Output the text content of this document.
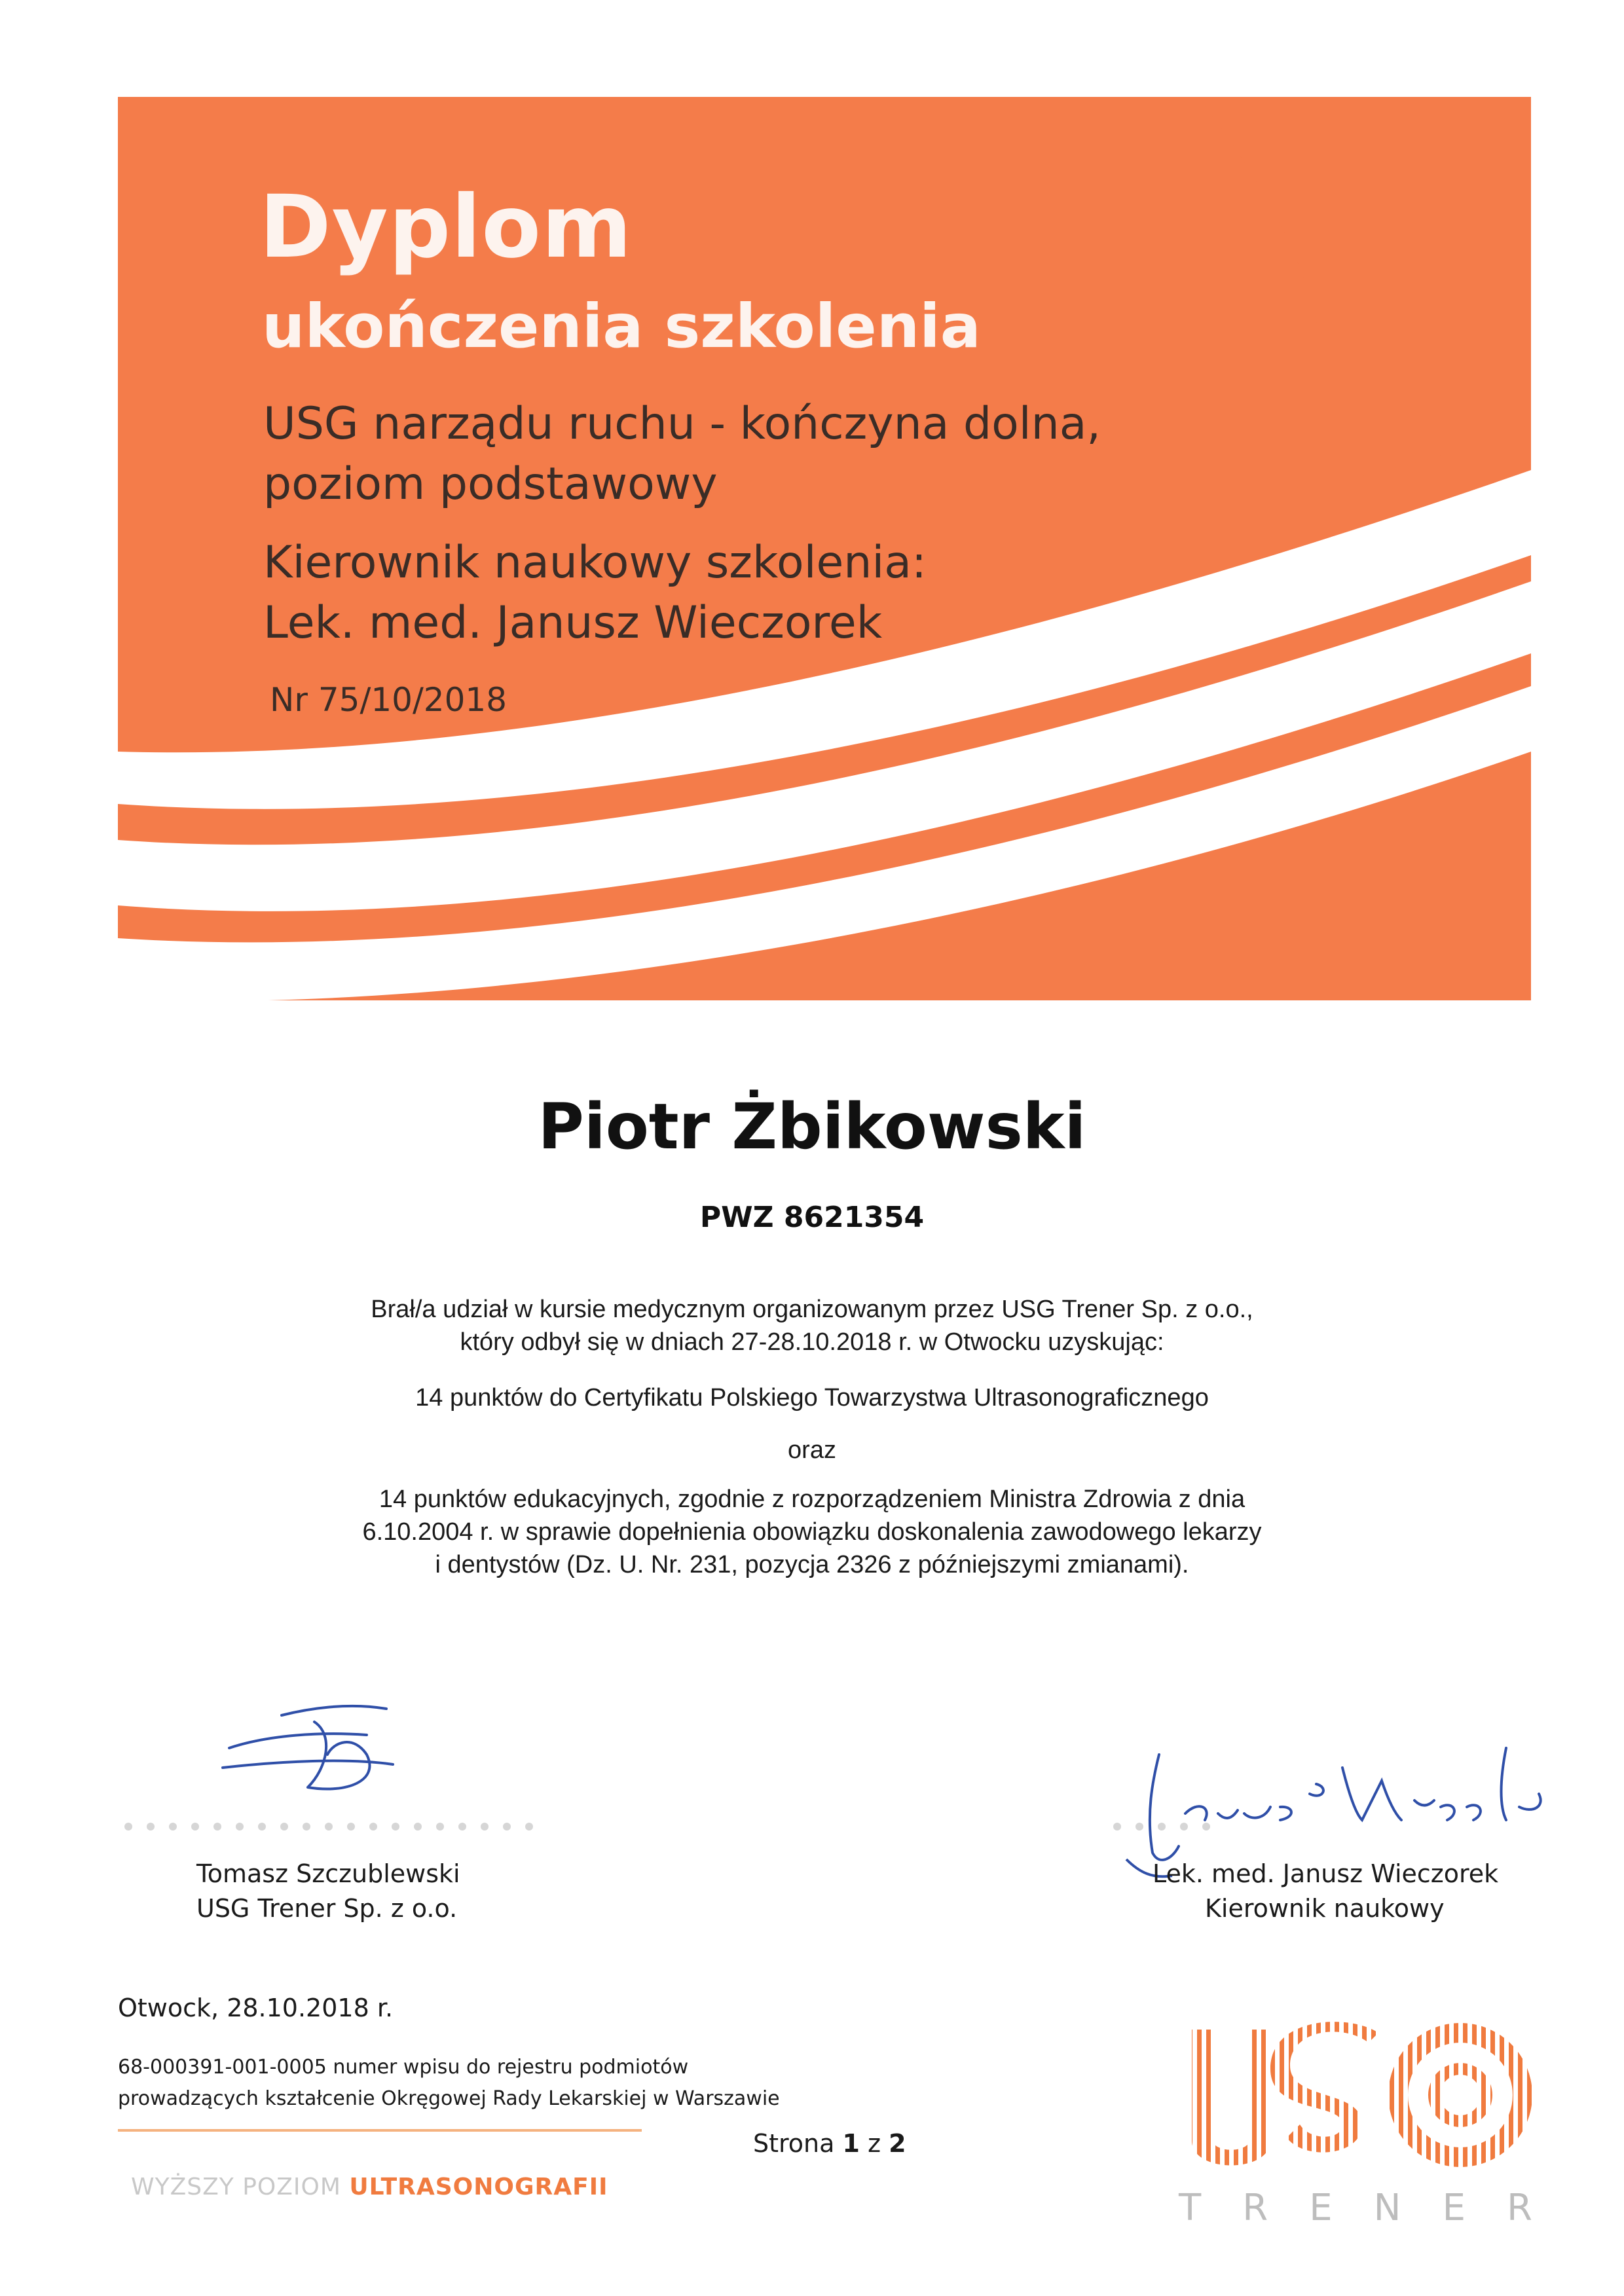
Dyplom
ukończenia szkolenia
USG narządu ruchu - kończyna dolna,
poziom podstawowy
Kierownik naukowy szkolenia:
Lek. med. Janusz Wieczorek
Nr 75/10/2018
Piotr Żbikowski
PWZ 8621354
Brał/a udział w kursie medycznym organizowanym przez USG Trener Sp. z o.o.,
który odbył się w dniach 27-28.10.2018 r. w Otwocku uzyskując:
14 punktów do Certyfikatu Polskiego Towarzystwa Ultrasonograficznego
oraz
14 punktów edukacyjnych, zgodnie z rozporządzeniem Ministra Zdrowia z dnia
6.10.2004 r. w sprawie dopełnienia obowiązku doskonalenia zawodowego lekarzy
i dentystów (Dz. U. Nr. 231, pozycja 2326 z późniejszymi zmianami).
Tomasz Szczublewski
USG Trener Sp. z o.o.
Lek. med. Janusz Wieczorek
Kierownik naukowy
Otwock, 28.10.2018 r.
68-000391-001-0005 numer wpisu do rejestru podmiotów
prowadzących kształcenie Okręgowej Rady Lekarskiej w Warszawie
Strona 1 z 2
WYŻSZY POZIOM ULTRASONOGRAFII
USG
T R E N E R
